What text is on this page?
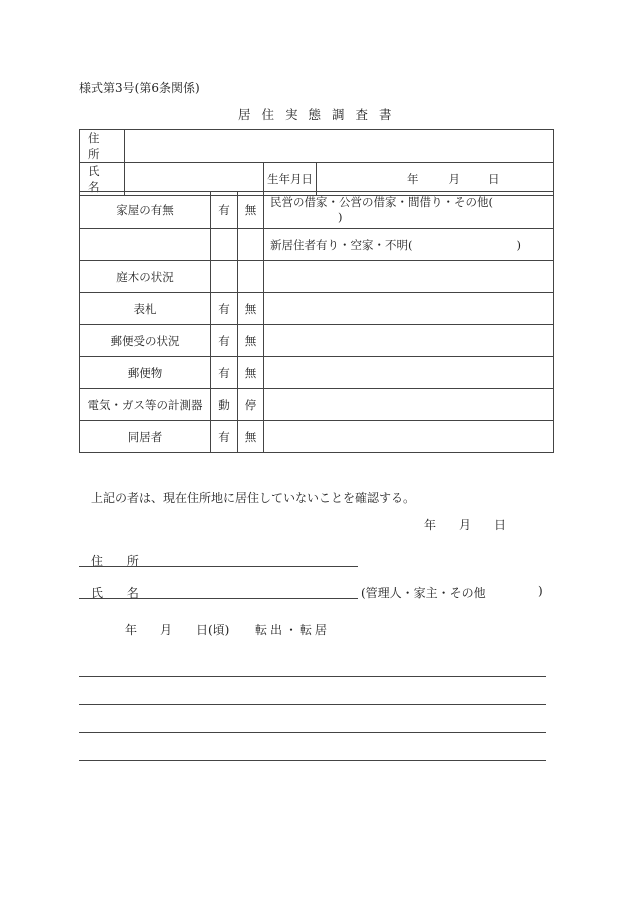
様式第3号(第6条関係)
居住実態調査書
住 所			
氏 名		生年月日	年 月 日
家屋の有無	有	無	民営の借家・公営の借家・間借り・その他(
)
			新居住者有り・空家・不明( )
庭木の状況			
表札	有	無	
郵便受の状況	有	無	
郵便物	有	無	
電気・ガス等の計測器	動	停	
同居者	有	無	
上記の者は、現在住所地に居住していないことを確認する。
年 月 日
住 所
氏 名	(管理人・家主・その他	)
年 月 日(頃) 転出・転居
